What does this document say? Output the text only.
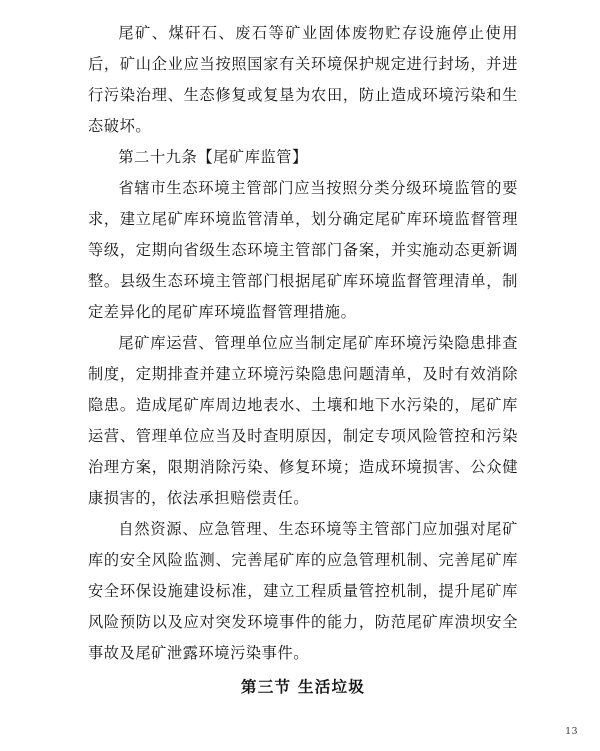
尾矿、煤矸石、废石等矿业固体废物贮存设施停止使用后，矿山企业应当按照国家有关环境保护规定进行封场，并进行污染治理、生态修复或复垦为农田，防止造成环境污染和生态破坏。

第二十九条【尾矿库监管】

省辖市生态环境主管部门应当按照分类分级环境监管的要求，建立尾矿库环境监管清单，划分确定尾矿库环境监督管理等级，定期向省级生态环境主管部门备案，并实施动态更新调整。县级生态环境主管部门根据尾矿库环境监督管理清单，制定差异化的尾矿库环境监督管理措施。

尾矿库运营、管理单位应当制定尾矿库环境污染隐患排查制度，定期排查并建立环境污染隐患问题清单，及时有效消除隐患。造成尾矿库周边地表水、土壤和地下水污染的，尾矿库运营、管理单位应当及时查明原因，制定专项风险管控和污染治理方案，限期消除污染、修复环境；造成环境损害、公众健康损害的，依法承担赔偿责任。

自然资源、应急管理、生态环境等主管部门应加强对尾矿库的安全风险监测、完善尾矿库的应急管理机制、完善尾矿库安全环保设施建设标准，建立工程质量管控机制，提升尾矿库风险预防以及应对突发环境事件的能力，防范尾矿库溃坝安全事故及尾矿泄露环境污染事件。

第三节 生活垃圾

13
